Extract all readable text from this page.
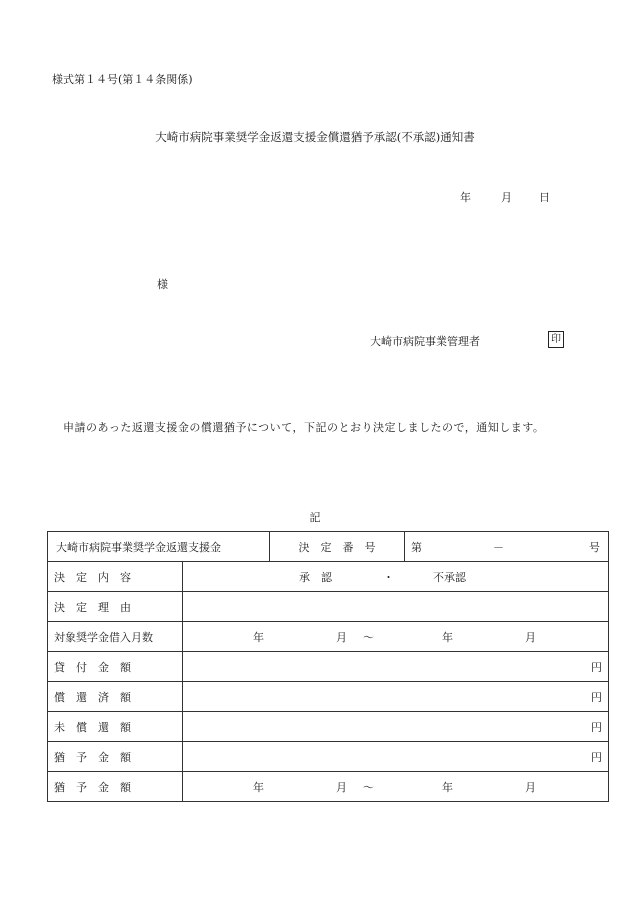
様式第１４号(第１４条関係)
大崎市病院事業奨学金返還支援金償還猶予承認(不承認)通知書
年	月 日
様
大崎市病院事業管理者	印
申請のあった返還支援金の償還猶予について，下記のとおり決定しましたので，通知します。
記
大崎市病院事業奨学金返還支援金		決　定　番　号	第 － 号

決　定　内　容	承　認 ・ 不承認		

決　定　理　由			
対象奨学金借入月数	年 月 ～ 年 月		

貸　付　金　額	円		
償　還　済　額	円		
未　償　還　額	円		
猶　予　金　額	円		
猶　予　金　額	年 月 ～ 年 月		
